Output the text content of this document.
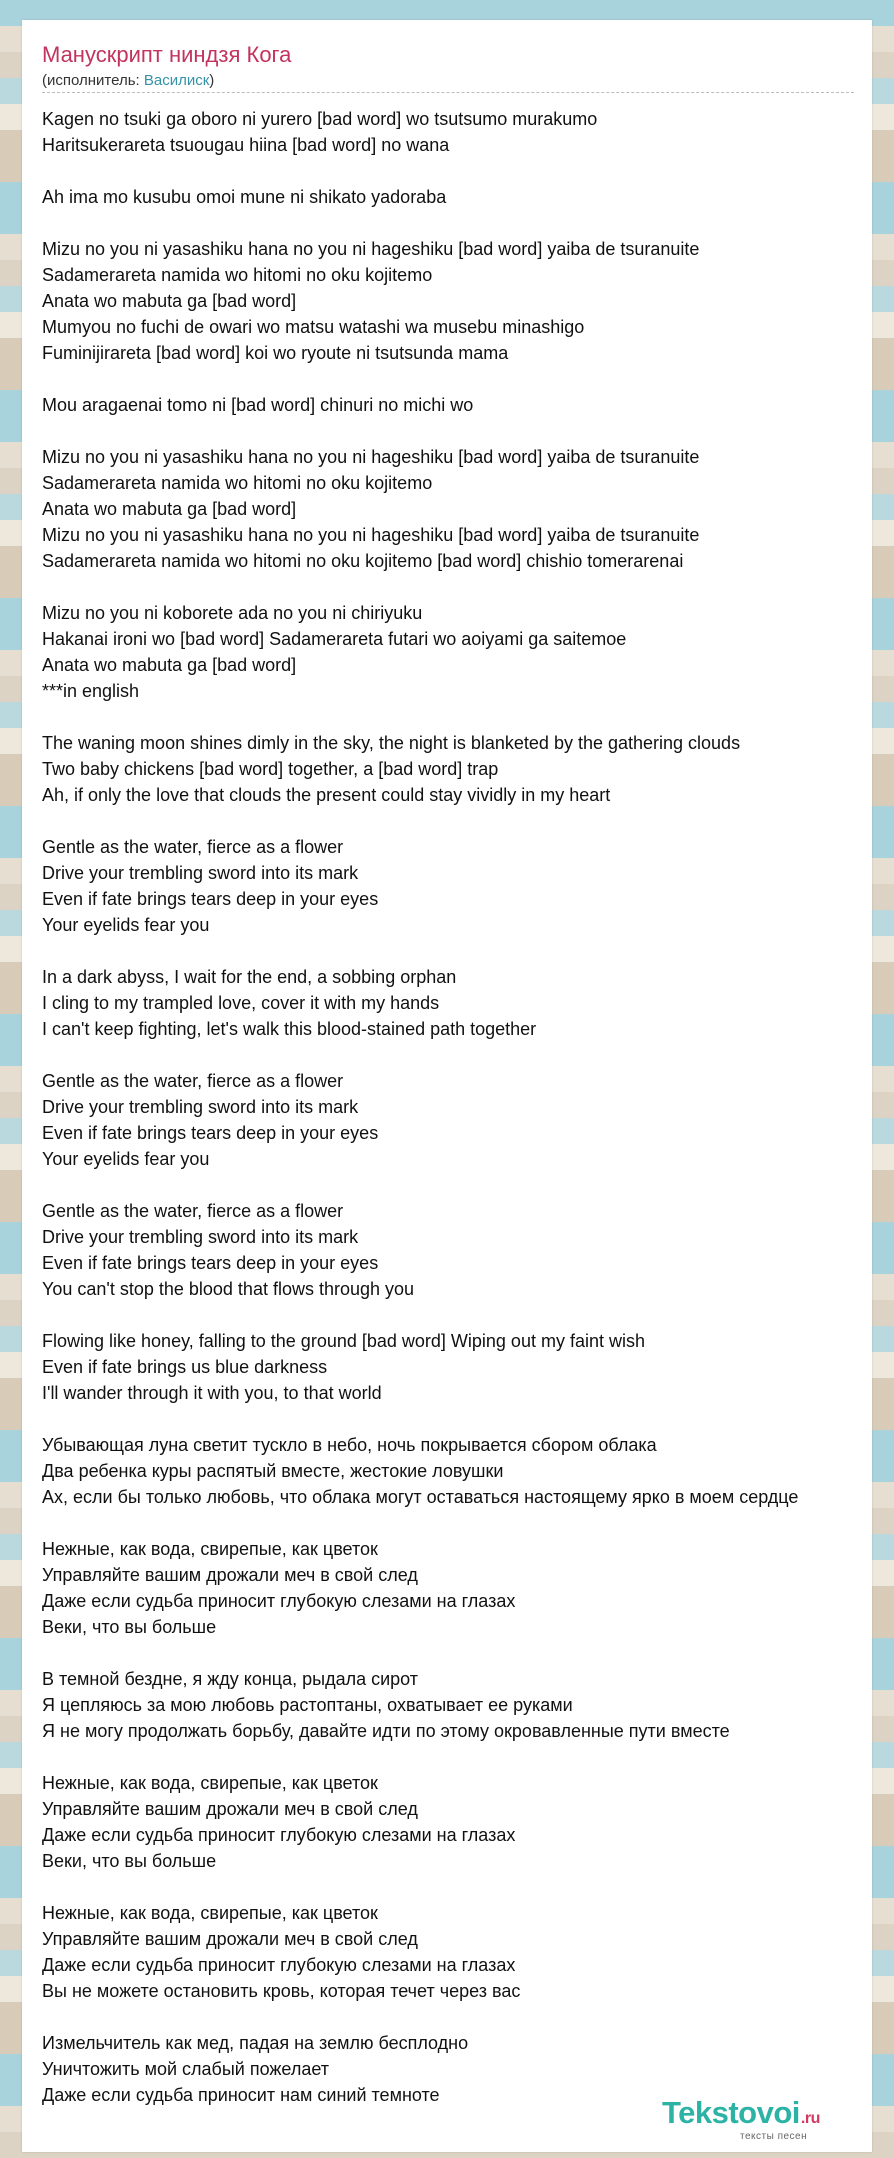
Манускрипт ниндзя Кога
(исполнитель: Василиск)
Kagen no tsuki ga oboro ni yurero [bad word] wo tsutsumo murakumo
Haritsukerareta tsuougau hiina [bad word] no wana
Ah ima mo kusubu omoi mune ni shikato yadoraba
Mizu no you ni yasashiku hana no you ni hageshiku [bad word] yaiba de tsuranuite
Sadamerareta namida wo hitomi no oku kojitemo
Anata wo mabuta ga [bad word]
Mumyou no fuchi de owari wo matsu watashi wa musebu minashigo
Fuminijirareta [bad word] koi wo ryoute ni tsutsunda mama
Mou aragaenai tomo ni [bad word] chinuri no michi wo
Mizu no you ni yasashiku hana no you ni hageshiku [bad word] yaiba de tsuranuite
Sadamerareta namida wo hitomi no oku kojitemo
Anata wo mabuta ga [bad word]
Mizu no you ni yasashiku hana no you ni hageshiku [bad word] yaiba de tsuranuite
Sadamerareta namida wo hitomi no oku kojitemo [bad word] chishio tomerarenai
Mizu no you ni koborete ada no you ni chiriyuku
Hakanai ironi wo [bad word] Sadamerareta futari wo aoiyami ga saitemoe
Anata wo mabuta ga [bad word]
***in english
The waning moon shines dimly in the sky, the night is blanketed by the gathering clouds
Two baby chickens [bad word] together, a [bad word] trap
Ah, if only the love that clouds the present could stay vividly in my heart
Gentle as the water, fierce as a flower
Drive your trembling sword into its mark
Even if fate brings tears deep in your eyes
Your eyelids fear you
In a dark abyss, I wait for the end, a sobbing orphan
I cling to my trampled love, cover it with my hands
I can't keep fighting, let's walk this blood-stained path together
Gentle as the water, fierce as a flower
Drive your trembling sword into its mark
Even if fate brings tears deep in your eyes
Your eyelids fear you
Gentle as the water, fierce as a flower
Drive your trembling sword into its mark
Even if fate brings tears deep in your eyes
You can't stop the blood that flows through you
Flowing like honey, falling to the ground [bad word] Wiping out my faint wish
Even if fate brings us blue darkness
I'll wander through it with you, to that world
Убывающая луна светит тускло в небо, ночь покрывается сбором облака
Два ребенка куры распятый вместе, жестокие ловушки
Ах, если бы только любовь, что облака могут оставаться настоящему ярко в моем сердце
Нежные, как вода, свирепые, как цветок
Управляйте вашим дрожали меч в свой след
Даже если судьба приносит глубокую слезами на глазах
Веки, что вы больше
В темной бездне, я жду конца, рыдала сирот
Я цепляюсь за мою любовь растоптаны, охватывает ее руками
Я не могу продолжать борьбу, давайте идти по этому окровавленные пути вместе
Нежные, как вода, свирепые, как цветок
Управляйте вашим дрожали меч в свой след
Даже если судьба приносит глубокую слезами на глазах
Веки, что вы больше
Нежные, как вода, свирепые, как цветок
Управляйте вашим дрожали меч в свой след
Даже если судьба приносит глубокую слезами на глазах
Вы не можете остановить кровь, которая течет через вас
Измельчитель как мед, падая на землю бесплодно
Уничтожить мой слабый пожелает
Даже если судьба приносит нам синий темноте	Tekstovoi.ru
тексты песен
